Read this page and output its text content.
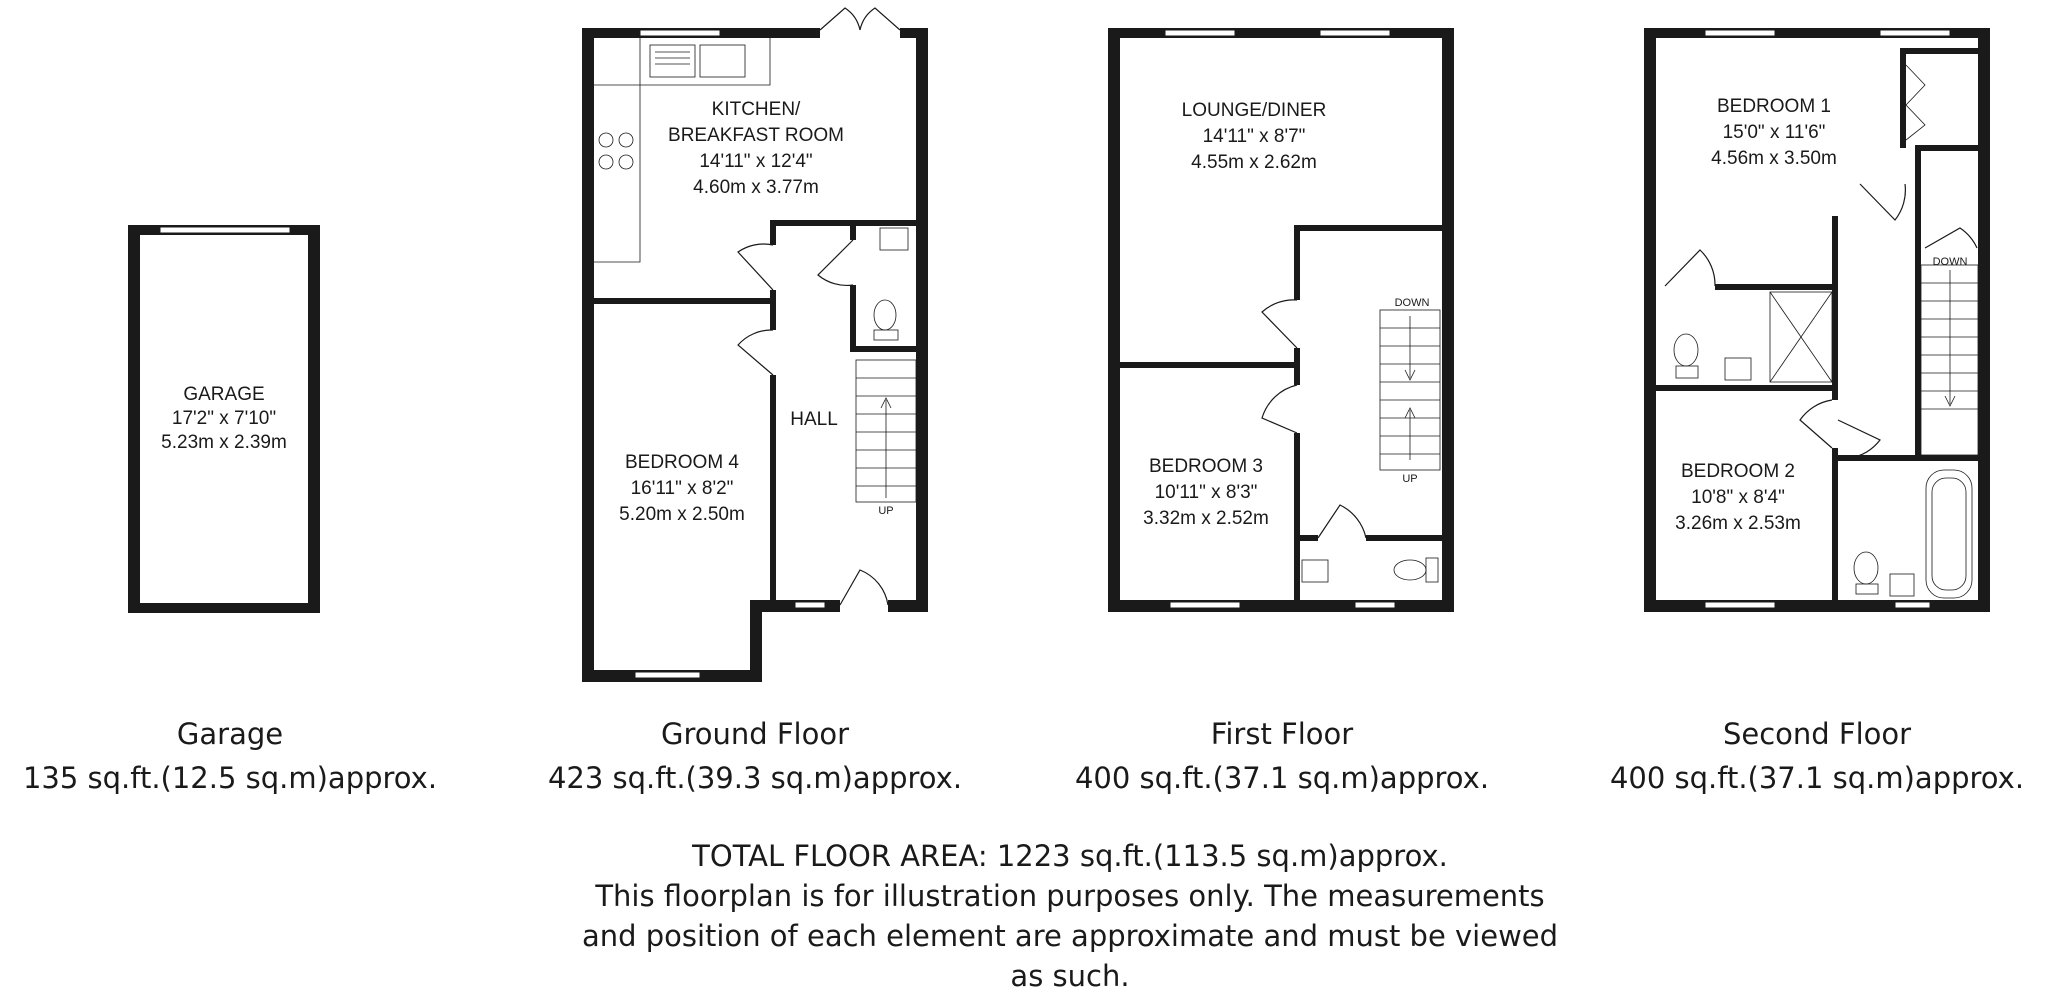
GARAGE
17'2" x 7'10"
5.23m x 2.39m
UP
KITCHEN/
BREAKFAST ROOM
14'11" x 12'4"
4.60m x 3.77m
HALL
BEDROOM 4
16'11" x 8'2"
5.20m x 2.50m
DOWN
UP
LOUNGE/DINER
14'11" x 8'7"
4.55m x 2.62m
BEDROOM 3
10'11" x 8'3"
3.32m x 2.52m
DOWN
BEDROOM 1
15'0" x 11'6"
4.56m x 3.50m
BEDROOM 2
10'8" x 8'4"
3.26m x 2.53m
Garage
135 sq.ft.(12.5 sq.m)approx.
Ground Floor
423 sq.ft.(39.3 sq.m)approx.
First Floor
400 sq.ft.(37.1 sq.m)approx.
Second Floor
400 sq.ft.(37.1 sq.m)approx.
TOTAL FLOOR AREA: 1223 sq.ft.(113.5 sq.m)approx.
This floorplan is for illustration purposes only. The measurements
and position of each element are approximate and must be viewed
as such.
